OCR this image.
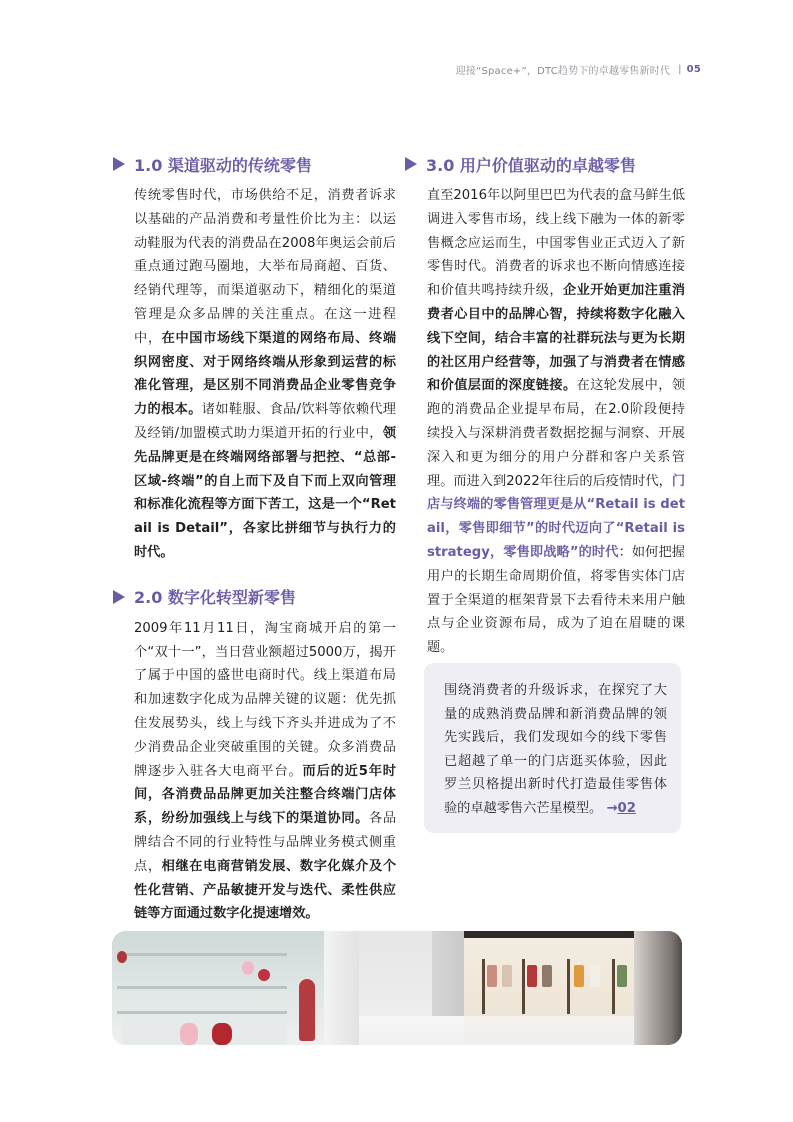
迎接“Space+”，DTC趋势下的卓越零售新时代 | 05
1.0 渠道驱动的传统零售

传统零售时代，市场供给不足，消费者诉求以基础的产品消费和考量性价比为主：以运动鞋服为代表的消费品在2008年奥运会前后重点通过跑马圈地，大举布局商超、百货、经销代理等，而渠道驱动下，精细化的渠道管理是众多品牌的关注重点。在这一进程中，在中国市场线下渠道的网络布局、终端织网密度、对于网络终端从形象到运营的标准化管理，是区别不同消费品企业零售竞争力的根本。诸如鞋服、食品/饮料等依赖代理及经销/加盟模式助力渠道开拓的行业中，领先品牌更是在终端网络部署与把控、“总部-区域-终端”的自上而下及自下而上双向管理和标准化流程等方面下苦工，这是一个“Retail is Detail”，各家比拼细节与执行力的时代。

2.0 数字化转型新零售

2009年11月11日，淘宝商城开启的第一个“双十一”，当日营业额超过5000万，揭开了属于中国的盛世电商时代。线上渠道布局和加速数字化成为品牌关键的议题：优先抓住发展势头，线上与线下齐头并进成为了不少消费品企业突破重围的关键。众多消费品牌逐步入驻各大电商平台。而后的近5年时间，各消费品品牌更加关注整合终端门店体系，纷纷加强线上与线下的渠道协同。各品牌结合不同的行业特性与品牌业务模式侧重点，相继在电商营销发展、数字化媒介及个性化营销、产品敏捷开发与迭代、柔性供应链等方面通过数字化提速增效。

3.0 用户价值驱动的卓越零售

直至2016年以阿里巴巴为代表的盒马鲜生低调进入零售市场，线上线下融为一体的新零售概念应运而生，中国零售业正式迈入了新零售时代。消费者的诉求也不断向情感连接和价值共鸣持续升级，企业开始更加注重消费者心目中的品牌心智，持续将数字化融入线下空间，结合丰富的社群玩法与更为长期的社区用户经营等，加强了与消费者在情感和价值层面的深度链接。在这轮发展中，领跑的消费品企业提早布局，在2.0阶段便持续投入与深耕消费者数据挖掘与洞察、开展深入和更为细分的用户分群和客户关系管理。而进入到2022年往后的后疫情时代，门店与终端的零售管理更是从“Retail is detail，零售即细节”的时代迈向了“Retail is strategy，零售即战略”的时代：如何把握用户的长期生命周期价值，将零售实体门店置于全渠道的框架背景下去看待未来用户触点与企业资源布局，成为了迫在眉睫的课题。

围绕消费者的升级诉求，在探究了大量的成熟消费品牌和新消费品牌的领先实践后，我们发现如今的线下零售已超越了单一的门店逛买体验，因此罗兰贝格提出新时代打造最佳零售体验的卓越零售六芒星模型。 →02
